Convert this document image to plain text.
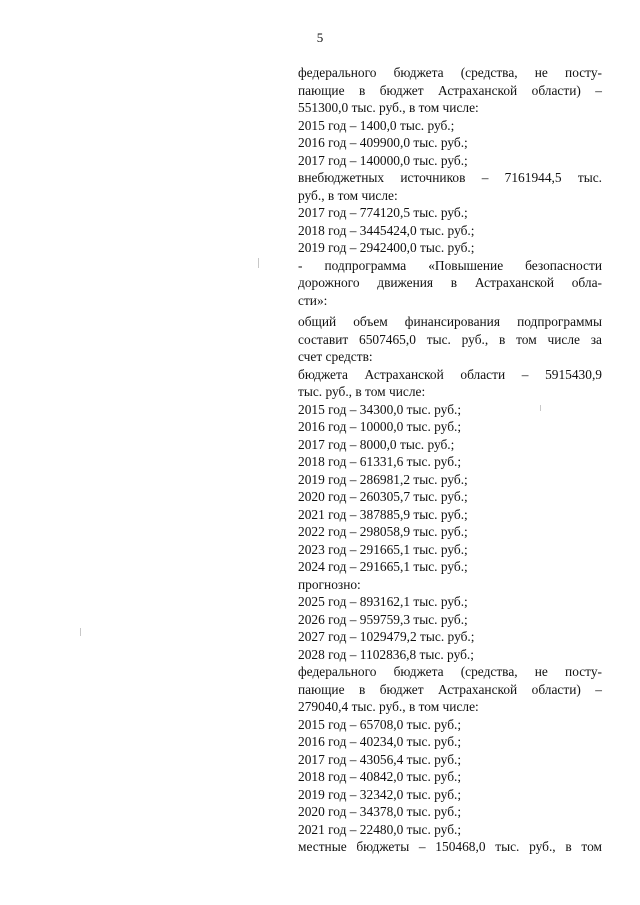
5
федерального бюджета (средства, не посту-
пающие в бюджет Астраханской области) –
551300,0 тыс. руб., в том числе:
2015 год – 1400,0 тыс. руб.;
2016 год – 409900,0 тыс. руб.;
2017 год – 140000,0 тыс. руб.;
внебюджетных источников – 7161944,5 тыс.
руб., в том числе:
2017 год – 774120,5 тыс. руб.;
2018 год – 3445424,0 тыс. руб.;
2019 год – 2942400,0 тыс. руб.;
- подпрограмма «Повышение безопасности
дорожного движения в Астраханской обла-
сти»:
общий объем финансирования подпрограммы
составит 6507465,0 тыс. руб., в том числе за
счет средств:
бюджета Астраханской области – 5915430,9
тыс. руб., в том числе:
2015 год – 34300,0 тыс. руб.;
2016 год – 10000,0 тыс. руб.;
2017 год – 8000,0 тыс. руб.;
2018 год – 61331,6 тыс. руб.;
2019 год – 286981,2 тыс. руб.;
2020 год – 260305,7 тыс. руб.;
2021 год – 387885,9 тыс. руб.;
2022 год – 298058,9 тыс. руб.;
2023 год – 291665,1 тыс. руб.;
2024 год – 291665,1 тыс. руб.;
прогнозно:
2025 год – 893162,1 тыс. руб.;
2026 год – 959759,3 тыс. руб.;
2027 год – 1029479,2 тыс. руб.;
2028 год – 1102836,8 тыс. руб.;
федерального бюджета (средства, не посту-
пающие в бюджет Астраханской области) –
279040,4 тыс. руб., в том числе:
2015 год – 65708,0 тыс. руб.;
2016 год – 40234,0 тыс. руб.;
2017 год – 43056,4 тыс. руб.;
2018 год – 40842,0 тыс. руб.;
2019 год – 32342,0 тыс. руб.;
2020 год – 34378,0 тыс. руб.;
2021 год – 22480,0 тыс. руб.;
местные бюджеты – 150468,0 тыс. руб., в том
